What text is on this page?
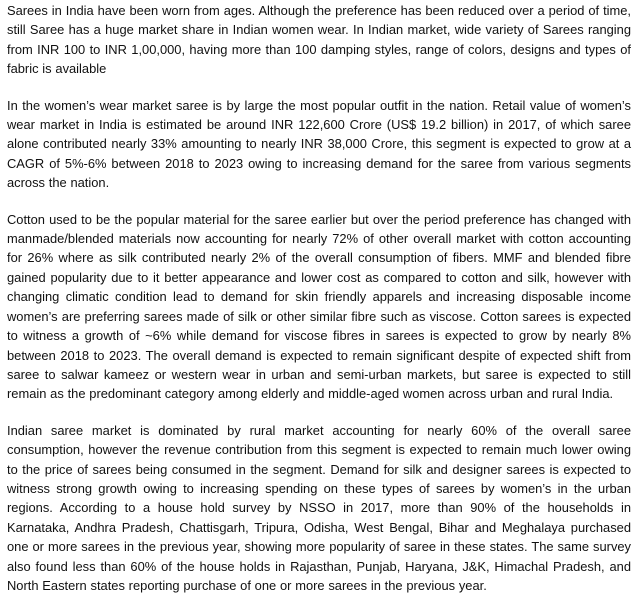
Sarees in India have been worn from ages. Although the preference has been reduced over a period of time, still Saree has a huge market share in Indian women wear. In Indian market, wide variety of Sarees ranging from INR 100 to INR 1,00,000, having more than 100 damping styles, range of colors, designs and types of fabric is available

In the women’s wear market saree is by large the most popular outfit in the nation. Retail value of women’s wear market in India is estimated be around INR 122,600 Crore (US$ 19.2 billion) in 2017, of which saree alone contributed nearly 33% amounting to nearly INR 38,000 Crore, this segment is expected to grow at a CAGR of 5%-6% between 2018 to 2023 owing to increasing demand for the saree from various segments across the nation.

Cotton used to be the popular material for the saree earlier but over the period preference has changed with manmade/blended materials now accounting for nearly 72% of other overall market with cotton accounting for 26% where as silk contributed nearly 2% of the overall consumption of fibers. MMF and blended fibre gained popularity due to it better appearance and lower cost as compared to cotton and silk, however with changing climatic condition lead to demand for skin friendly apparels and increasing disposable income women’s are preferring sarees made of silk or other similar fibre such as viscose. Cotton sarees is expected to witness a growth of ~6% while demand for viscose fibres in sarees is expected to grow by nearly 8% between 2018 to 2023. The overall demand is expected to remain significant despite of expected shift from saree to salwar kameez or western wear in urban and semi-urban markets, but saree is expected to still remain as the predominant category among elderly and middle-aged women across urban and rural India.

Indian saree market is dominated by rural market accounting for nearly 60% of the overall saree consumption, however the revenue contribution from this segment is expected to remain much lower owing to the price of sarees being consumed in the segment. Demand for silk and designer sarees is expected to witness strong growth owing to increasing spending on these types of sarees by women’s in the urban regions. According to a house hold survey by NSSO in 2017, more than 90% of the households in Karnataka, Andhra Pradesh, Chattisgarh, Tripura, Odisha, West Bengal, Bihar and Meghalaya purchased one or more sarees in the previous year, showing more popularity of saree in these states. The same survey also found less than 60% of the house holds in Rajasthan, Punjab, Haryana, J&K, Himachal Pradesh, and North Eastern states reporting purchase of one or more sarees in the previous year.
